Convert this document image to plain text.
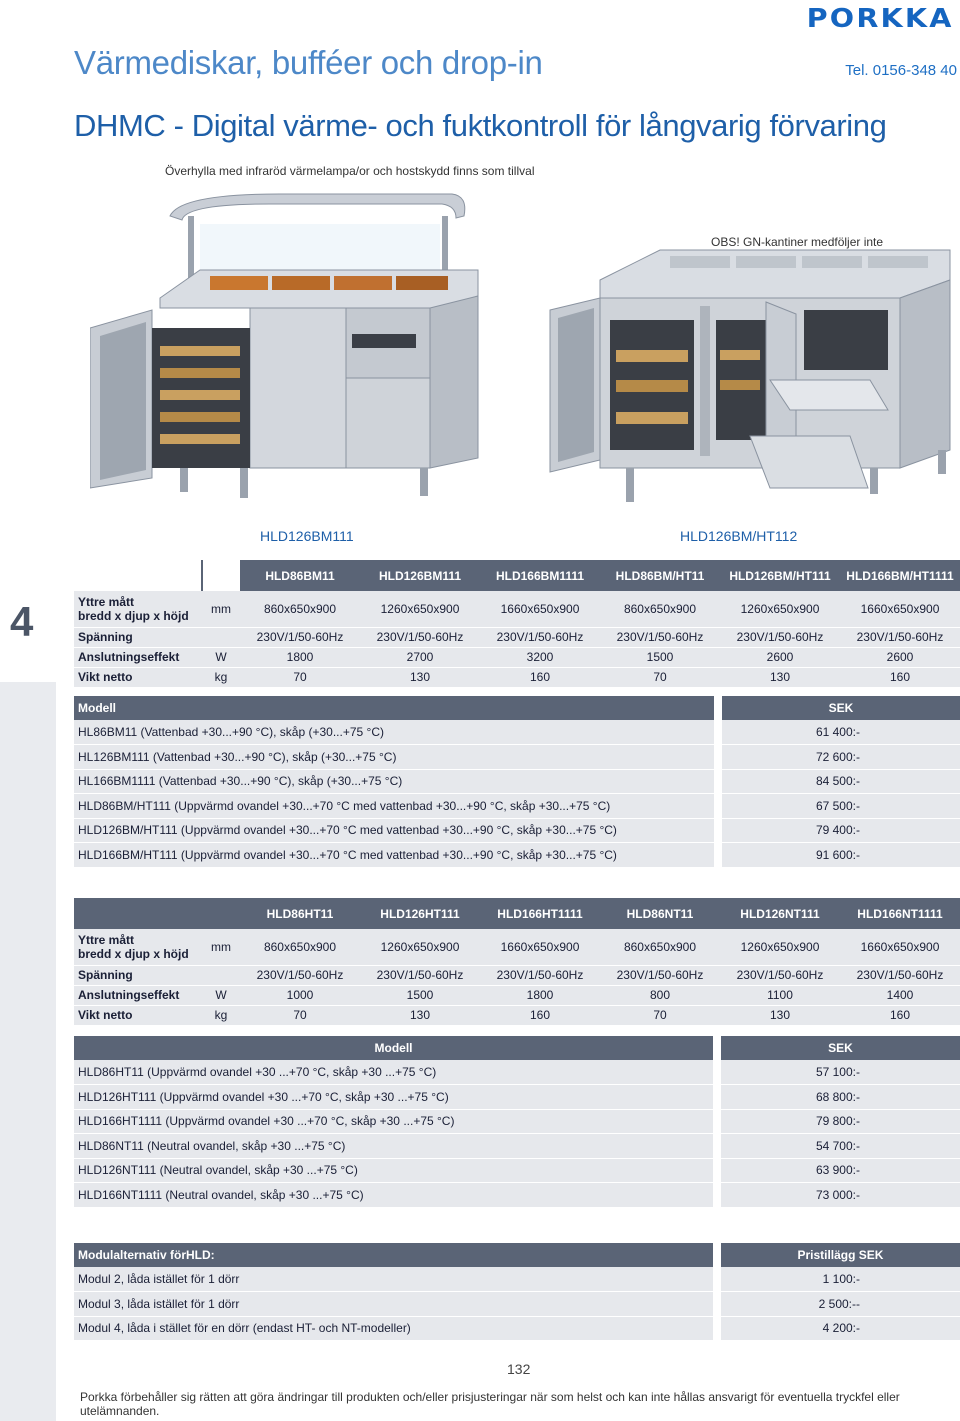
4
PORKKA
Tel. 0156-348 40
Värmediskar, bufféer och drop-in
DHMC - Digital värme- och fuktkontroll för långvarig förvaring
Överhylla med infraröd värmelampa/or och hostskydd finns som tillval
OBS! GN-kantiner medföljer inte
HLD126BM111	HLD126BM/HT112
		HLD86BM11	HLD126BM111	HLD166BM1111	HLD86BM/HT11	HLD126BM/HT111	HLD166BM/HT1111
Yttre mått
bredd x djup x höjd	mm	860x650x900	1260x650x900	1660x650x900	860x650x900	1260x650x900	1660x650x900
Spänning		230V/1/50-60Hz	230V/1/50-60Hz	230V/1/50-60Hz	230V/1/50-60Hz	230V/1/50-60Hz	230V/1/50-60Hz
Anslutningseffekt	W	1800	2700	3200	1500	2600	2600
Vikt netto	kg	70	130	160	70	130	160
Modell		SEK
HL86BM11 (Vattenbad +30...+90 °C), skåp (+30...+75 °C)		61 400:-
HL126BM111 (Vattenbad +30...+90 °C), skåp (+30...+75 °C)		72 600:-
HL166BM1111 (Vattenbad +30...+90 °C), skåp (+30...+75 °C)		84 500:-
HLD86BM/HT111 (Uppvärmd ovandel +30...+70 °C med vattenbad +30...+90 °C, skåp +30...+75 °C)		67 500:-
HLD126BM/HT111 (Uppvärmd ovandel +30...+70 °C med vattenbad +30...+90 °C, skåp +30...+75 °C)		79 400:-
HLD166BM/HT111 (Uppvärmd ovandel +30...+70 °C med vattenbad +30...+90 °C, skåp +30...+75 °C)		91 600:-
		HLD86HT11	HLD126HT111	HLD166HT1111	HLD86NT11	HLD126NT111	HLD166NT1111
Yttre mått
bredd x djup x höjd	mm	860x650x900	1260x650x900	1660x650x900	860x650x900	1260x650x900	1660x650x900
Spänning		230V/1/50-60Hz	230V/1/50-60Hz	230V/1/50-60Hz	230V/1/50-60Hz	230V/1/50-60Hz	230V/1/50-60Hz
Anslutningseffekt	W	1000	1500	1800	800	1100	1400
Vikt netto	kg	70	130	160	70	130	160
Modell		SEK
HLD86HT11 (Uppvärmd ovandel +30 ...+70 °C, skåp +30 ...+75 °C)		57 100:-
HLD126HT111 (Uppvärmd ovandel +30 ...+70 °C, skåp +30 ...+75 °C)		68 800:-
HLD166HT1111 (Uppvärmd ovandel +30 ...+70 °C, skåp +30 ...+75 °C)		79 800:-
HLD86NT11 (Neutral ovandel, skåp +30 ...+75 °C)		54 700:-
HLD126NT111 (Neutral ovandel, skåp +30 ...+75 °C)		63 900:-
HLD166NT1111 (Neutral ovandel, skåp +30 ...+75 °C)		73 000:-
Modulalternativ förHLD:		Pristillägg SEK
Modul 2, låda istället för 1 dörr		1 100:-
Modul 3, låda istället för 1 dörr		2 500:--
Modul 4, låda i stället för en dörr (endast HT- och NT-modeller)		4 200:-
132
Porkka förbehåller sig rätten att göra ändringar till produkten och/eller prisjusteringar när som helst och kan inte hållas ansvarigt för eventuella tryckfel eller utelämnanden.
